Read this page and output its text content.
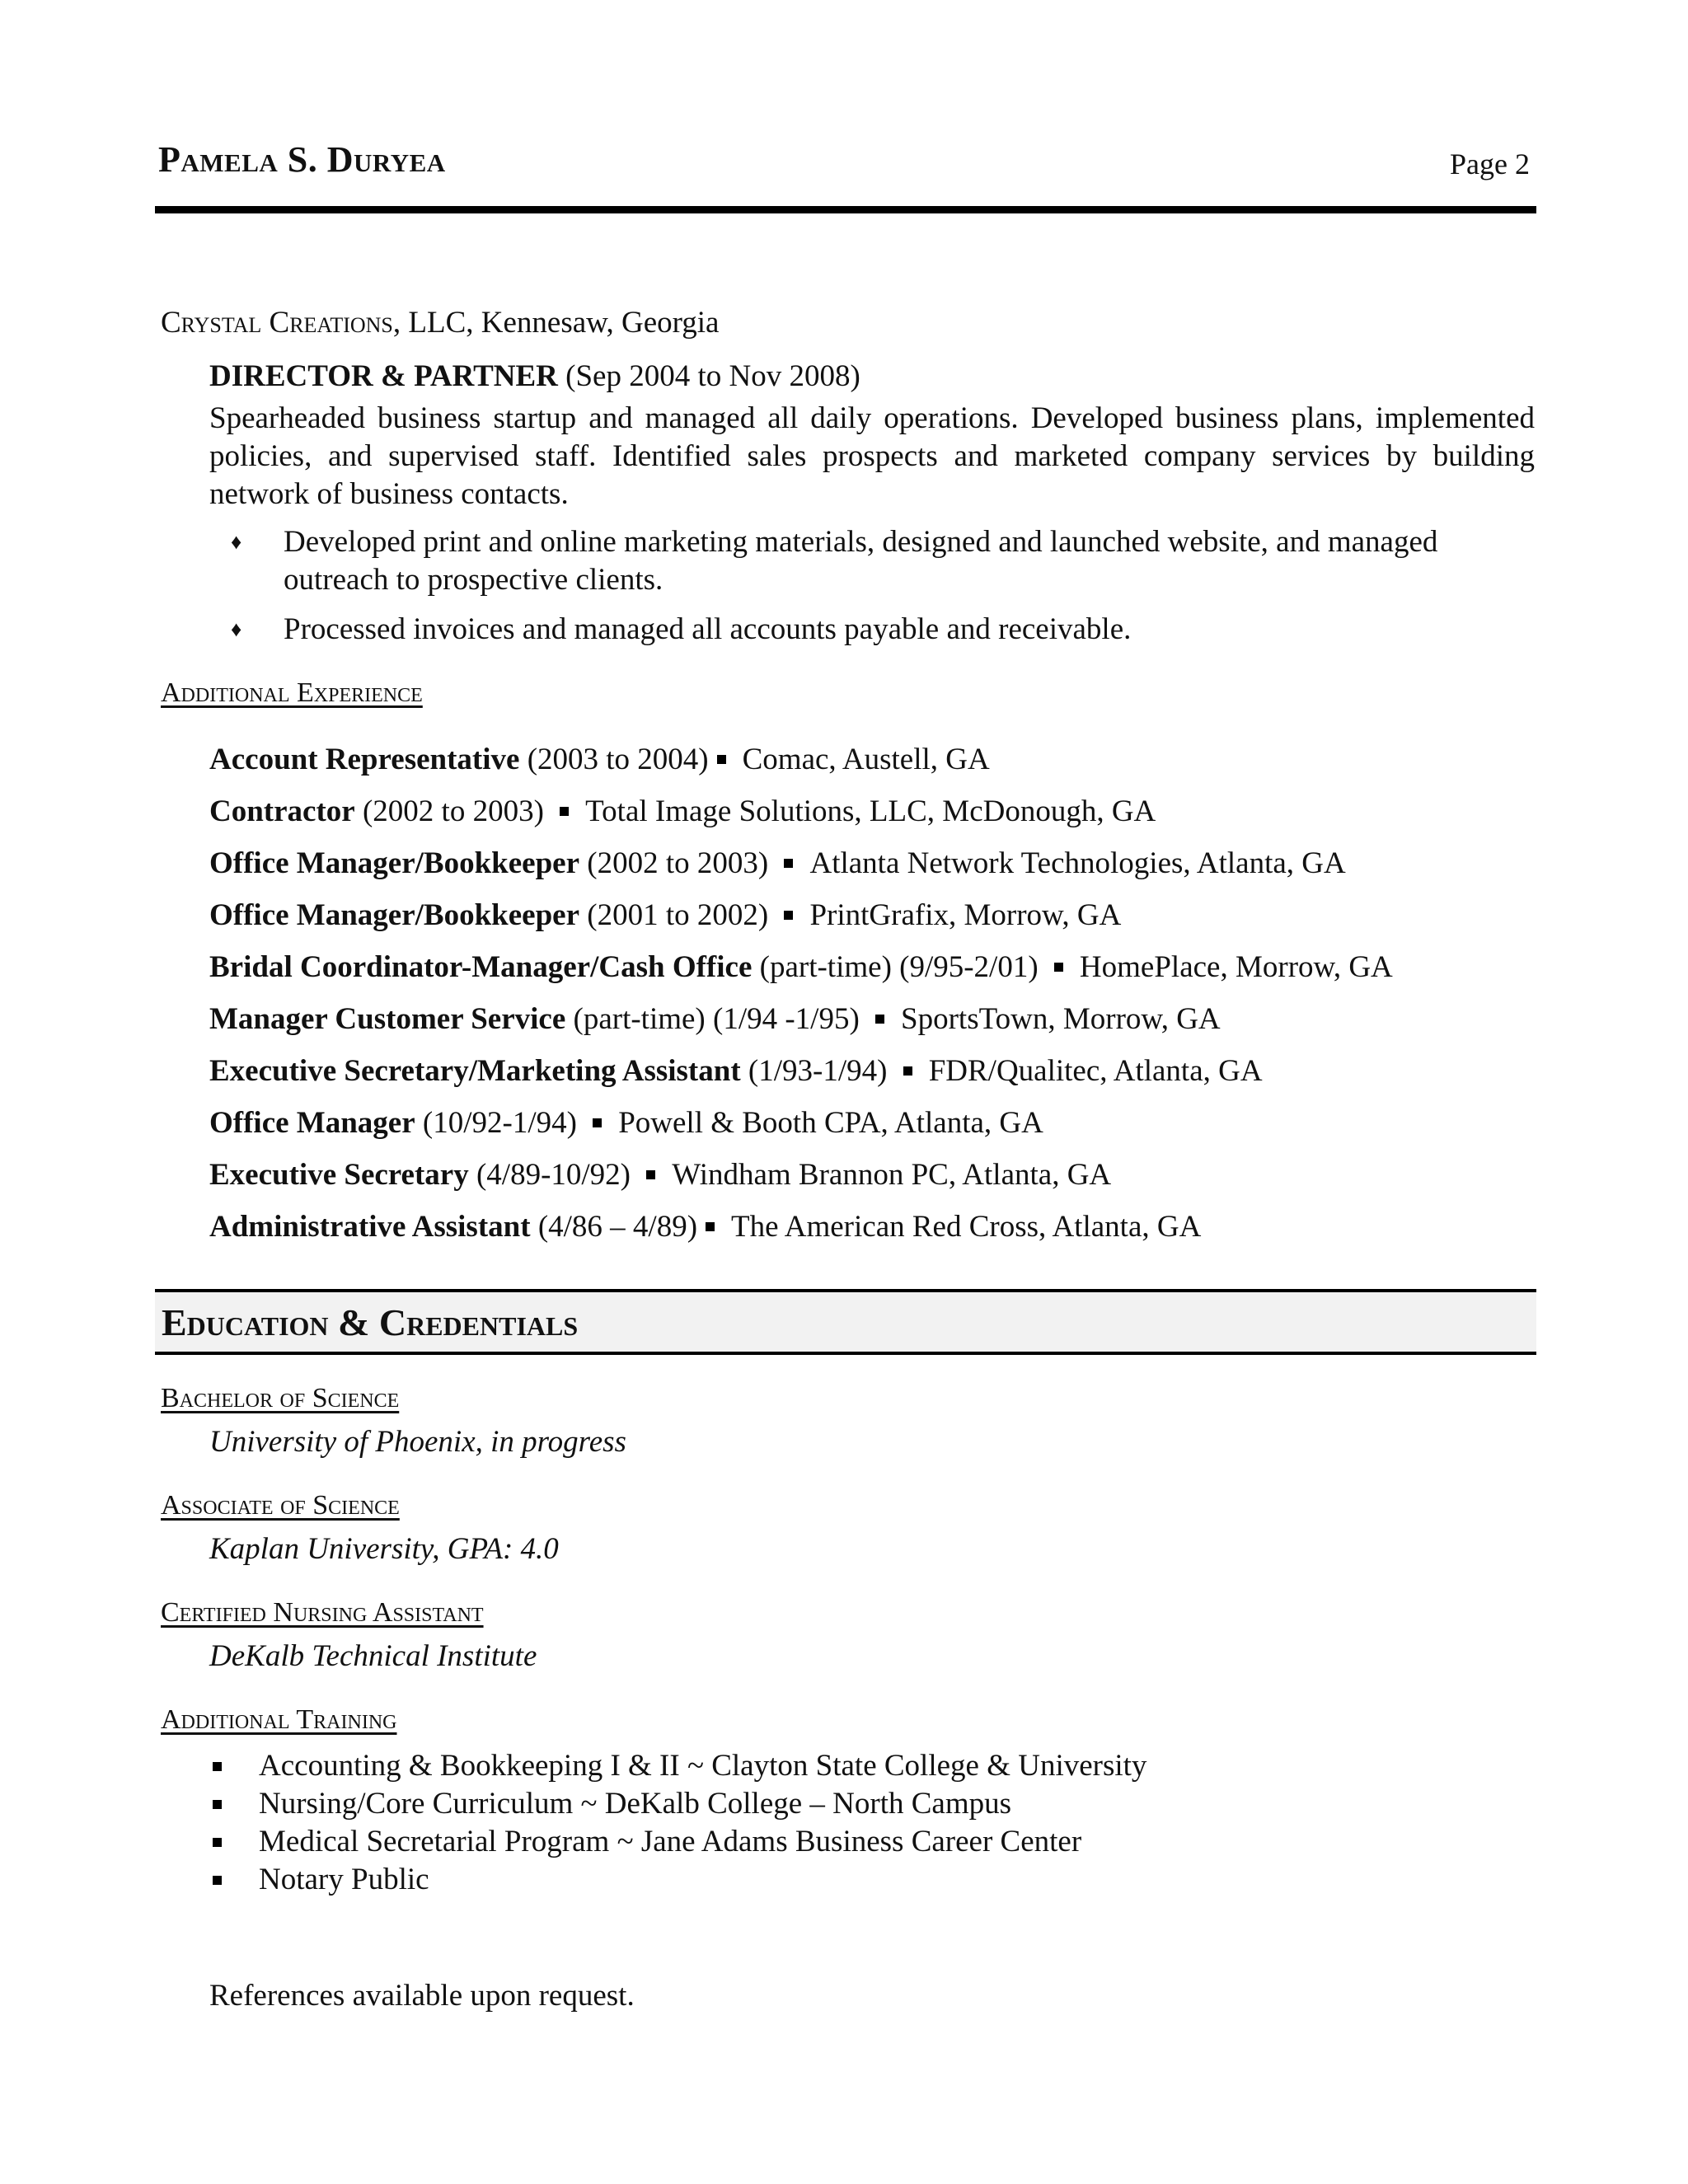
Pamela S. Duryea	Page 2
Crystal Creations, LLC, Kennesaw, Georgia
DIRECTOR & PARTNER (Sep 2004 to Nov 2008)
Spearheaded business startup and managed all daily operations. Developed business plans, implemented policies, and supervised staff. Identified sales prospects and marketed company services by building network of business contacts.
♦ Developed print and online marketing materials, designed and launched website, and managed outreach to prospective clients.
♦ Processed invoices and managed all accounts payable and receivable.
Additional Experience
Account Representative (2003 to 2004) Comac, Austell, GA
Contractor (2002 to 2003) Total Image Solutions, LLC, McDonough, GA
Office Manager/Bookkeeper (2002 to 2003) Atlanta Network Technologies, Atlanta, GA
Office Manager/Bookkeeper (2001 to 2002) PrintGrafix, Morrow, GA
Bridal Coordinator-Manager/Cash Office (part-time) (9/95-2/01) HomePlace, Morrow, GA
Manager Customer Service (part-time) (1/94 -1/95) SportsTown, Morrow, GA
Executive Secretary/Marketing Assistant (1/93-1/94) FDR/Qualitec, Atlanta, GA
Office Manager (10/92-1/94) Powell & Booth CPA, Atlanta, GA
Executive Secretary (4/89-10/92) Windham Brannon PC, Atlanta, GA
Administrative Assistant (4/86 – 4/89) The American Red Cross, Atlanta, GA
Education & Credentials
Bachelor of Science
University of Phoenix, in progress
Associate of Science
Kaplan University, GPA: 4.0
Certified Nursing Assistant
DeKalb Technical Institute
Additional Training
Accounting & Bookkeeping I & II ~ Clayton State College & University
Nursing/Core Curriculum ~ DeKalb College – North Campus
Medical Secretarial Program ~ Jane Adams Business Career Center
Notary Public
References available upon request.
